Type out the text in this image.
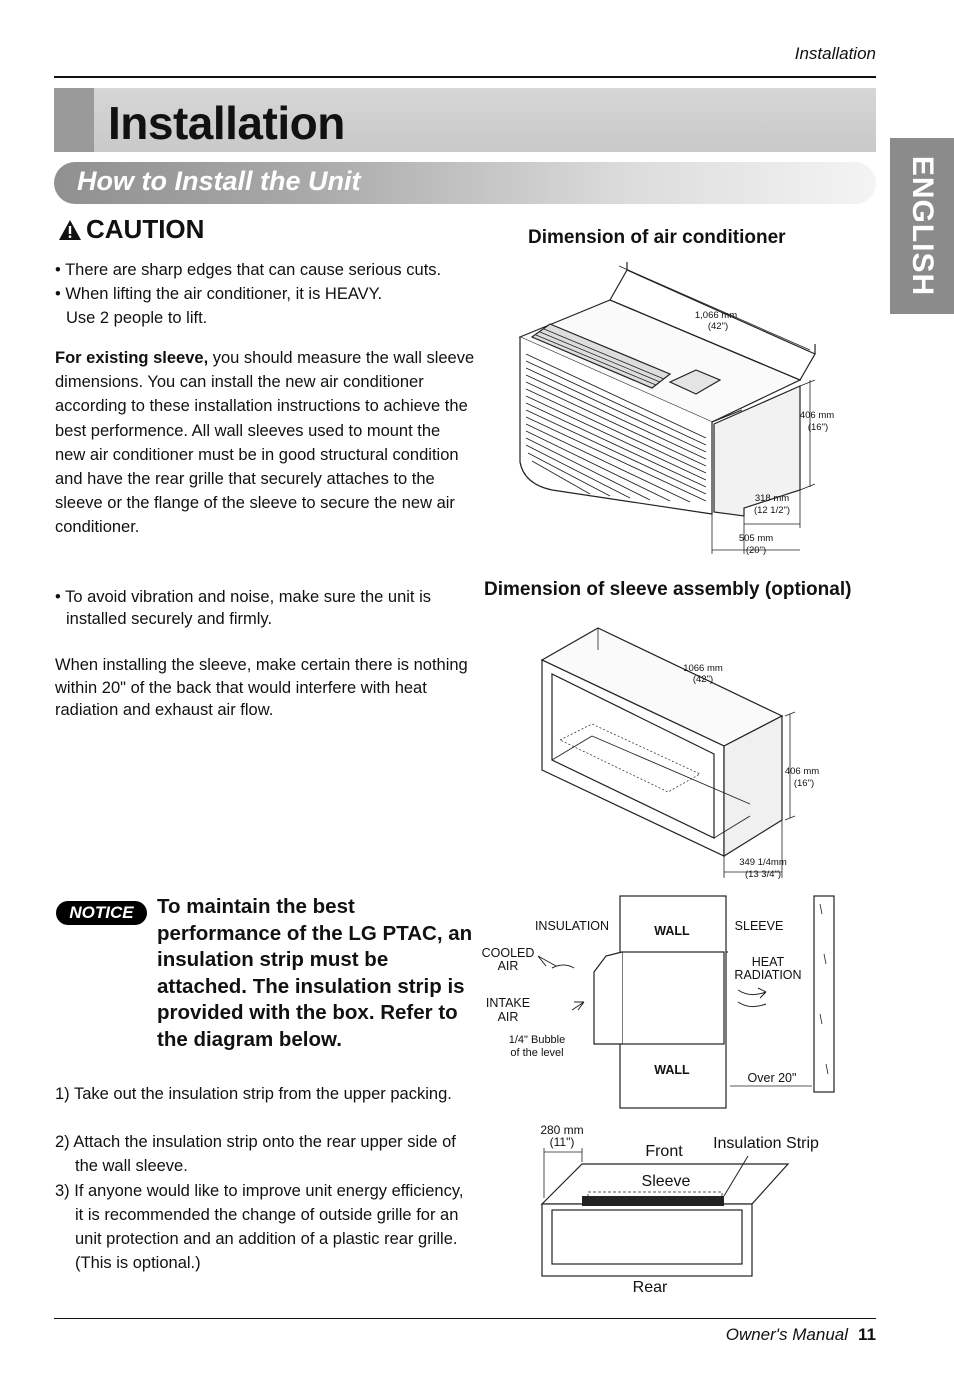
Installation
Installation
How to Install the Unit	ENGLISH
CAUTION
• There are sharp edges that can cause serious cuts.
• When lifting the air conditioner, it is HEAVY.
Use 2 people to lift.
For existing sleeve, you should measure the wall sleeve dimensions. You can install the new air conditioner according to these installation instructions to achieve the best performence. All wall sleeves used to mount the new air conditioner must be in good structural condition and have the rear grille that securely attaches to the sleeve or the flange of the sleeve to secure the new air conditioner.
• To avoid vibration and noise, make sure the unit is installed securely and firmly.
When installing the sleeve, make certain there is nothing within 20" of the back that would interfere with heat radiation and exhaust air flow.
NOTICE	To maintain the best performance of the LG PTAC, an insulation strip must be attached. The insulation strip is provided with the box. Refer to the diagram below.
1) Take out the insulation strip from the upper packing.
2) Attach the insulation strip onto the rear upper side of the wall sleeve.
3) If anyone would like to improve unit energy efficiency, it is recommended the change of outside grille for an unit protection and an addition of a plastic rear grille. (This is optional.)
Dimension of air conditioner
Dimension of sleeve assembly (optional)
1,066 mm
(42")
406 mm
(16")
318 mm
(12 1/2")
505 mm
(20")
1066 mm
(42")
406 mm
(16")
349 1/4mm
(13 3/4")
INSULATION	WALL	SLEEVE
COOLED
AIR	HEAT
RADIATION
INTAKE
AIR
1/4" Bubble
of the level
WALL
Over 20"
280 mm
(11")
Front Insulation Strip
Sleeve
Rear
Owner's Manual 11
